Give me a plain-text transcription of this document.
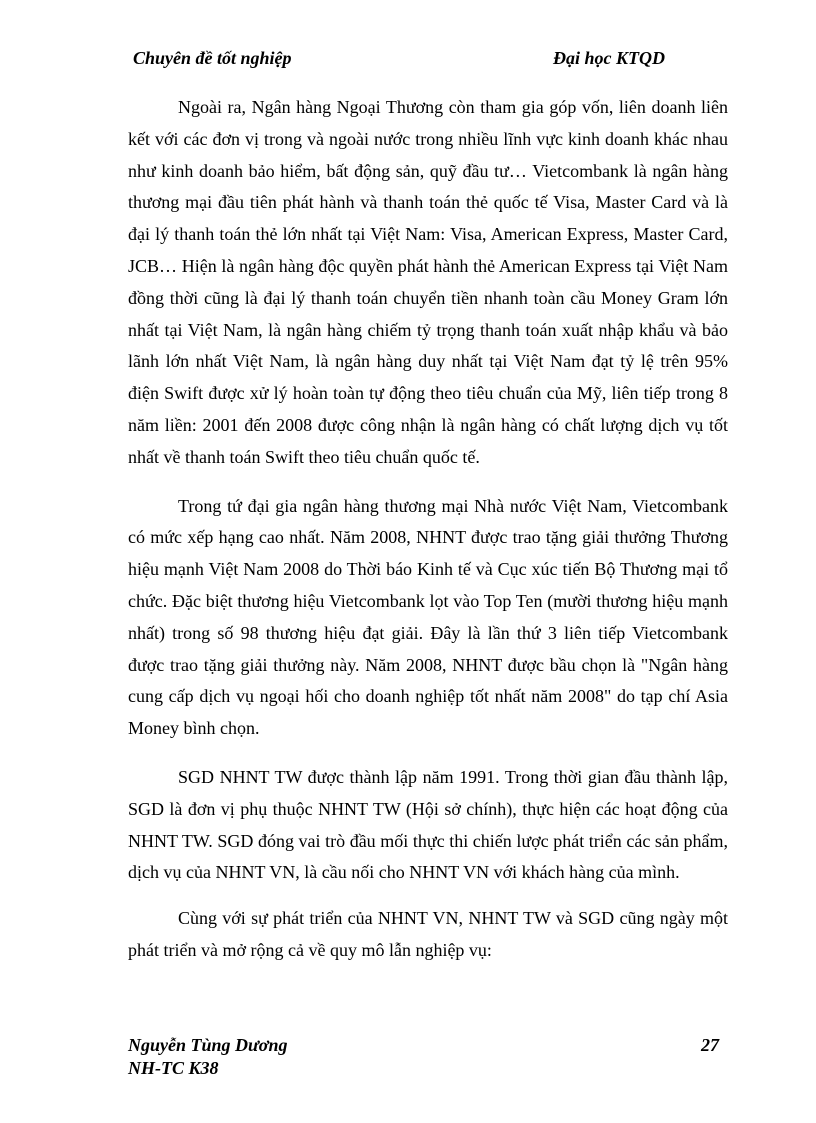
Chuyên đề tốt nghiệp	Đại học KTQD

Ngoài ra, Ngân hàng Ngoại Thương còn tham gia góp vốn, liên doanh liên kết với các đơn vị trong và ngoài nước trong nhiều lĩnh vực kinh doanh khác nhau như kinh doanh bảo hiểm, bất động sản, quỹ đầu tư… Vietcombank là ngân hàng thương mại đầu tiên phát hành và thanh toán thẻ quốc tế Visa, Master Card và là đại lý thanh toán thẻ lớn nhất tại Việt Nam: Visa, American Express, Master Card, JCB… Hiện là ngân hàng độc quyền phát hành thẻ American Express tại Việt Nam đồng thời cũng là đại lý thanh toán chuyển tiền nhanh toàn cầu Money Gram lớn nhất tại Việt Nam, là ngân hàng chiếm tỷ trọng thanh toán xuất nhập khẩu và bảo lãnh lớn nhất Việt Nam, là ngân hàng duy nhất tại Việt Nam đạt tỷ lệ trên 95% điện Swift được xử lý hoàn toàn tự động theo tiêu chuẩn của Mỹ, liên tiếp trong 8 năm liền: 2001 đến 2008 được công nhận là ngân hàng có chất lượng dịch vụ tốt nhất về thanh toán Swift theo tiêu chuẩn quốc tế.

Trong tứ đại gia ngân hàng thương mại Nhà nước Việt Nam, Vietcombank có mức xếp hạng cao nhất. Năm 2008, NHNT được trao tặng giải thưởng Thương hiệu mạnh Việt Nam 2008 do Thời báo Kinh tế và Cục xúc tiến Bộ Thương mại tổ chức. Đặc biệt thương hiệu Vietcombank lọt vào Top Ten (mười thương hiệu mạnh nhất) trong số 98 thương hiệu đạt giải. Đây là lần thứ 3 liên tiếp Vietcombank được trao tặng giải thưởng này. Năm 2008, NHNT được bầu chọn là "Ngân hàng cung cấp dịch vụ ngoại hối cho doanh nghiệp tốt nhất năm 2008" do tạp chí Asia Money bình chọn.

SGD NHNT TW được thành lập năm 1991. Trong thời gian đầu thành lập, SGD là đơn vị phụ thuộc NHNT TW (Hội sở chính), thực hiện các hoạt động của NHNT TW. SGD đóng vai trò đầu mối thực thi chiến lược phát triển các sản phẩm, dịch vụ của NHNT VN, là cầu nối cho NHNT VN với khách hàng của mình.

Cùng với sự phát triển của NHNT VN, NHNT TW và SGD cũng ngày một phát triển và mở rộng cả về quy mô lẫn nghiệp vụ:

Nguyễn Tùng Dương
NH-TC K38
27
